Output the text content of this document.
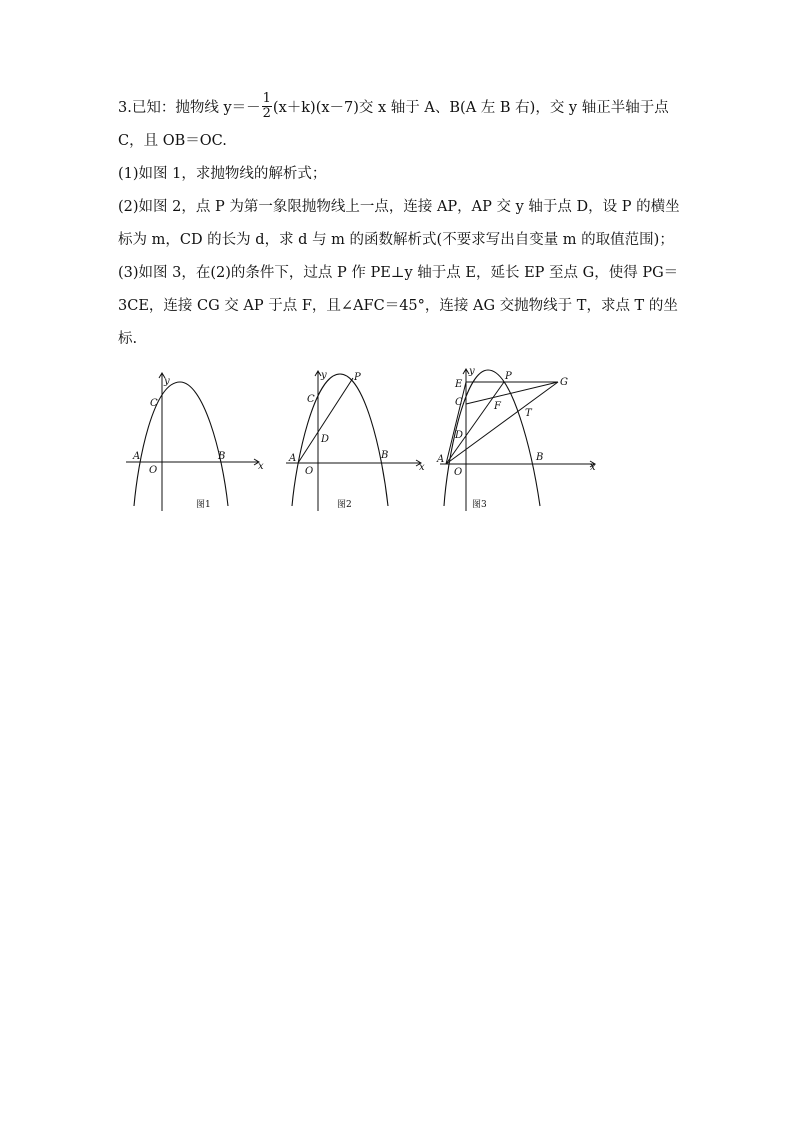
3.已知：抛物线 $y=- \frac{1}{2} (x+k)(x-7)$交 x 轴于 A、B(A 左 B 右)，交 y 轴正半轴于点
C，且 OB＝OC.
(1)如图 1，求抛物线的解析式；
(2)如图 2，点 P 为第一象限抛物线上一点，连接 AP，AP 交 y 轴于点 D，设 P 的横坐
标为 m，CD 的长为 d，求 d 与 m 的函数解析式(不要求写出自变量 m 的取值范围)；
(3)如图 3，在(2)的条件下，过点 P 作 PE⊥y 轴于点 E，延长 EP 至点 G，使得 PG＝
3CE，连接 CG 交 AP 于点 F，且∠AFC＝45°，连接 AG 交抛物线于 T，求点 T 的坐
标.
y
x
C
A
O
B
图1
y
x
P
C
D
A
O
B
图2
y
x
E
P
G
C	F
T
D
A
O
B
图3
